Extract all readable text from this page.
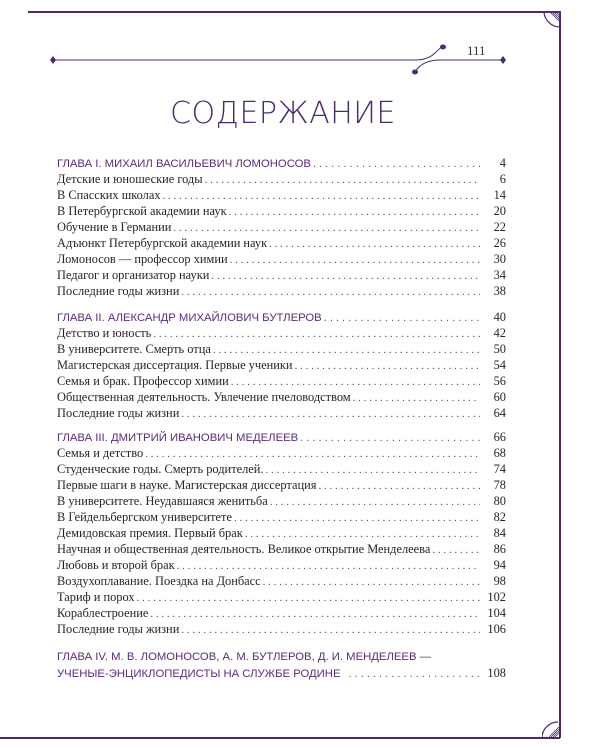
111
СОДЕРЖАНИЕ
ГЛАВА I. МИХАИЛ ВАСИЛЬЕВИЧ ЛОМОНОСОВ . . .	4
Детские и юношеские годы . . .	6
В Спасских школах . . .	14
В Петербургской академии наук . . .	20
Обучение в Германии . . .	22
Адъюнкт Петербургской академии наук . . .	26
Ломоносов — профессор химии . . .	30
Педагог и организатор науки . . .	34
Последние годы жизни . . .	38
ГЛАВА II. АЛЕКСАНДР МИХАЙЛОВИЧ БУТЛЕРОВ . . .	40
Детство и юность . . .	42
В университете. Смерть отца . . .	50
Магистерская диссертация. Первые ученики . . .	54
Семья и брак. Профессор химии . . .	56
Общественная деятельность. Увлечение пчеловодством . . .	60
Последние годы жизни . . .	64
ГЛАВА III. ДМИТРИЙ ИВАНОВИЧ МЕДЕЛЕЕВ . . .	66
Семья и детство . . .	68
Студенческие годы. Смерть родителей. . . .	74
Первые шаги в науке. Магистерская диссертация . . .	78
В университете. Неудавшаяся женитьба . . .	80
В Гейдельбергском университете . . .	82
Демидовская премия. Первый брак . . .	84
Научная и общественная деятельность. Великое открытие Менделеева . . .	86
Любовь и второй брак . . .	94
Воздухоплавание. Поездка на Донбасс . . .	98
Тариф и порох . . .	102
Кораблестроение . . .	104
Последние годы жизни . . .	106
ГЛАВА IV. М. В. ЛОМОНОСОВ, А. М. БУТЛЕРОВ, Д. И. МЕНДЕЛЕЕВ —
УЧЕНЫЕ-ЭНЦИКЛОПЕДИСТЫ НА СЛУЖБЕ РОДИНЕ . . .	108
